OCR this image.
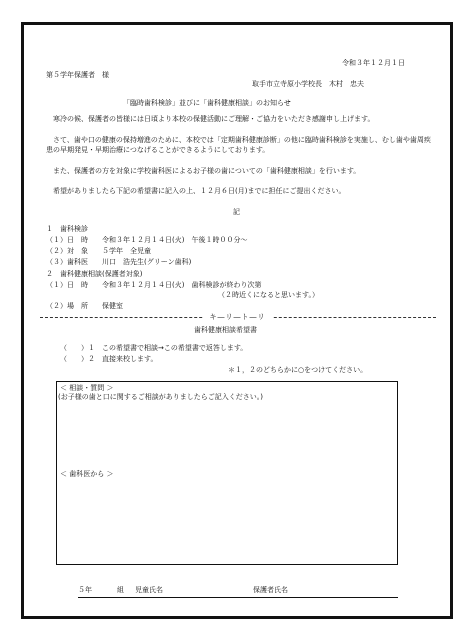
令和３年１２月１日
第５学年保護者　様
取手市立寺原小学校長　木村　忠夫
「臨時歯科検診」並びに「歯科健康相談」のお知らせ
寒冷の候、保護者の皆様には日頃より本校の保健活動にご理解・ご協力をいただき感謝申し上げます。
さて、歯や口の健康の保持増進のために、本校では「定期歯科健康診断」の他に臨時歯科検診を実施し、むし歯や歯周疾患の早期発見・早期治療につなげることができるようにしております。
また、保護者の方を対象に学校歯科医によるお子様の歯についての「歯科健康相談」を行います。
希望がありましたら下記の希望書に記入の上、１２月６日(月)までに担任にご提出ください。
記
１　歯科検診
（１）日　時　　令和３年１２月１４日(火)　午後１時００分～
（２）対　象　　５学年　全児童
（３）歯科医　　川口　浩先生(グリーン歯科)
２　歯科健康相談(保護者対象)
（１）日　時　　令和３年１２月１４日(火)　歯科検診が終わり次第
（２時近くになると思います。）
（２）場　所　　保健室
キ―リ―ト―リ
歯科健康相談希望書
（　　）１　この希望書で相談→この希望書で返答します。
（　　）２　直接来校します。
＊１，２のどちらかに○をつけてください。
＜ 相談・質問 ＞
(お子様の歯と口に関するご相談がありましたらご記入ください。)
＜ 歯科医から ＞
５年	組 児童氏名	保護者氏名
